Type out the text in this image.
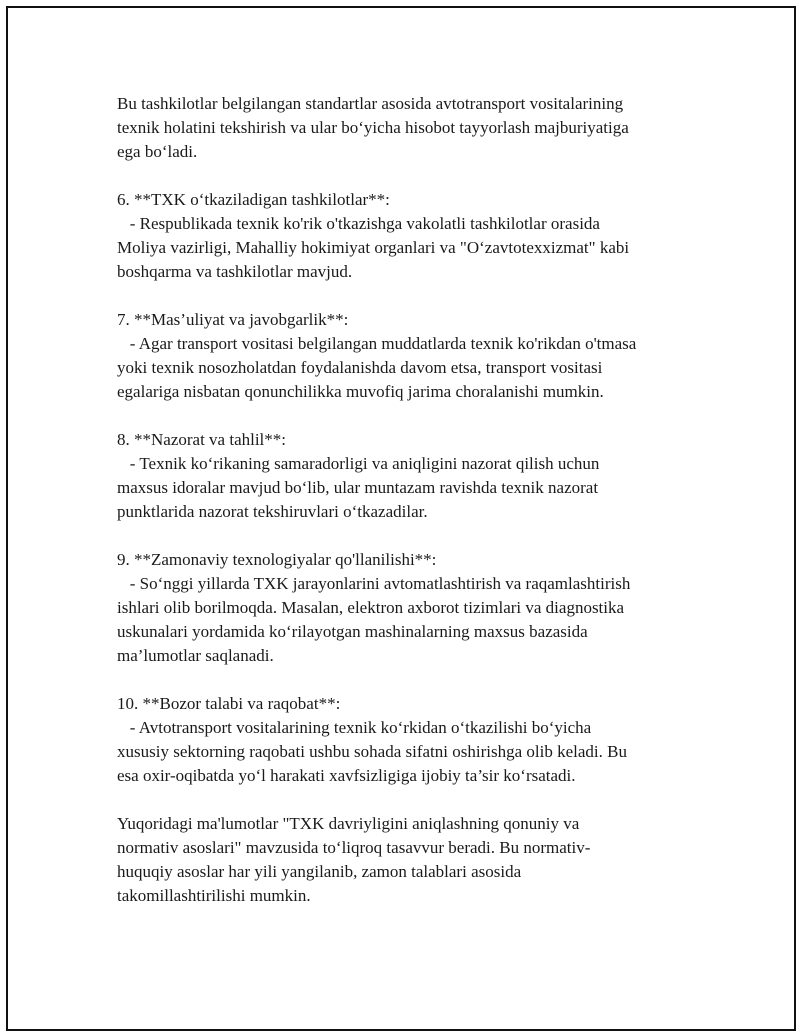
Bu tashkilotlar belgilangan standartlar asosida avtotransport vositalarining
texnik holatini tekshirish va ular bo‘yicha hisobot tayyorlash majburiyatiga
ega bo‘ladi.
6. **TXK o‘tkaziladigan tashkilotlar**:
- Respublikada texnik ko'rik o'tkazishga vakolatli tashkilotlar orasida
Moliya vazirligi, Mahalliy hokimiyat organlari va "O‘zavtotexxizmat" kabi
boshqarma va tashkilotlar mavjud.
7. **Mas’uliyat va javobgarlik**:
- Agar transport vositasi belgilangan muddatlarda texnik ko'rikdan o'tmasa
yoki texnik nosozholatdan foydalanishda davom etsa, transport vositasi
egalariga nisbatan qonunchilikka muvofiq jarima choralanishi mumkin.
8. **Nazorat va tahlil**:
- Texnik ko‘rikaning samaradorligi va aniqligini nazorat qilish uchun
maxsus idoralar mavjud bo‘lib, ular muntazam ravishda texnik nazorat
punktlarida nazorat tekshiruvlari o‘tkazadilar.
9. **Zamonaviy texnologiyalar qo'llanilishi**:
- So‘nggi yillarda TXK jarayonlarini avtomatlashtirish va raqamlashtirish
ishlari olib borilmoqda. Masalan, elektron axborot tizimlari va diagnostika
uskunalari yordamida ko‘rilayotgan mashinalarning maxsus bazasida
ma’lumotlar saqlanadi.
10. **Bozor talabi va raqobat**:
- Avtotransport vositalarining texnik ko‘rkidan o‘tkazilishi bo‘yicha
xususiy sektorning raqobati ushbu sohada sifatni oshirishga olib keladi. Bu
esa oxir-oqibatda yo‘l harakati xavfsizligiga ijobiy ta’sir ko‘rsatadi.
Yuqoridagi ma'lumotlar "TXK davriyligini aniqlashning qonuniy va
normativ asoslari" mavzusida to‘liqroq tasavvur beradi. Bu normativ-
huquqiy asoslar har yili yangilanib, zamon talablari asosida
takomillashtirilishi mumkin.
